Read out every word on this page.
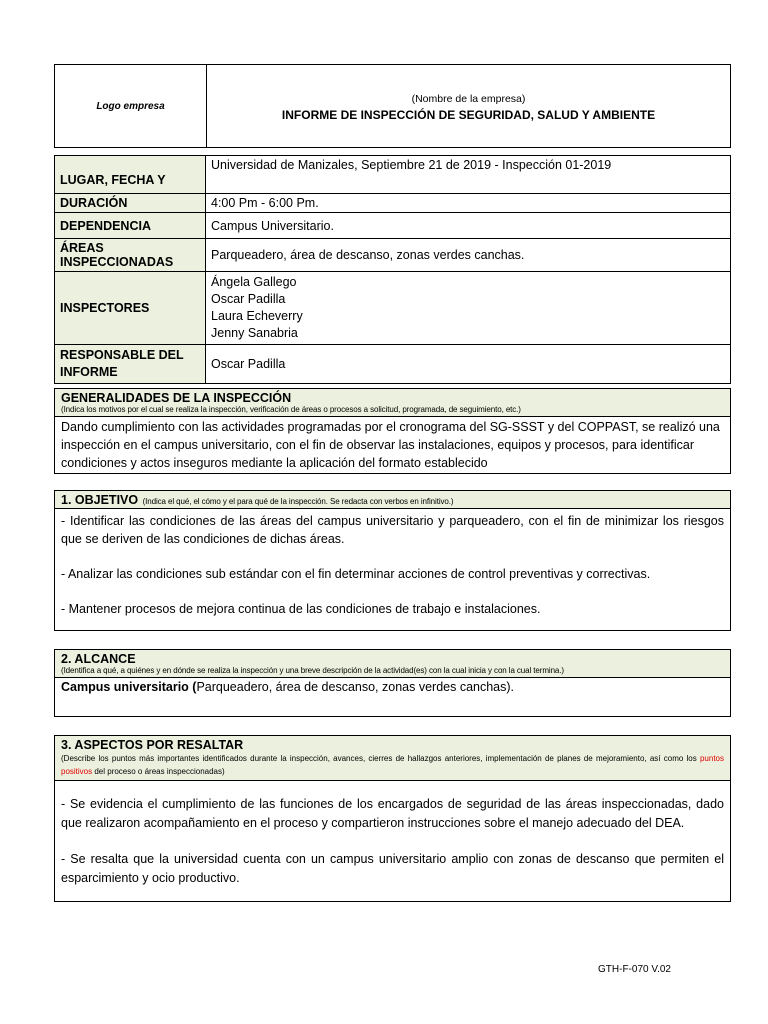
Logo empresa
(Nombre de la empresa)
INFORME DE INSPECCIÓN DE SEGURIDAD, SALUD Y AMBIENTE
LUGAR, FECHA Y	Universidad de Manizales, Septiembre 21 de 2019 - Inspección 01-2019
DURACIÓN	4:00 Pm - 6:00 Pm.
DEPENDENCIA	Campus Universitario.
ÁREAS INSPECCIONADAS	Parqueadero, área de descanso, zonas verdes canchas.
INSPECTORES	Ángela Gallego
Oscar Padilla
Laura Echeverry
Jenny Sanabria

RESPONSABLE DEL INFORME	Oscar Padilla
GENERALIDADES DE LA INSPECCIÓN
(Indica los motivos por el cual se realiza la inspección, verificación de áreas o procesos a solicitud, programada, de seguimiento, etc.)
Dando cumplimiento con las actividades programadas por el cronograma del SG-SSST y del COPPAST, se realizó una inspección en el campus universitario, con el fin de observar las instalaciones, equipos y procesos, para identificar condiciones y actos inseguros mediante la aplicación del formato establecido
1. OBJETIVO (Indica el qué, el cómo y el para qué de la inspección. Se redacta con verbos en infinitivo.)
- Identificar las condiciones de las áreas del campus universitario y parqueadero, con el fin de minimizar los riesgos que se deriven de las condiciones de dichas áreas.
- Analizar las condiciones sub estándar con el fin determinar acciones de control preventivas y correctivas.
- Mantener procesos de mejora continua de las condiciones de trabajo e instalaciones.
2. ALCANCE
(Identifica a qué, a quiénes y en dónde se realiza la inspección y una breve descripción de la actividad(es) con la cual inicia y con la cual termina.)
Campus universitario (Parqueadero, área de descanso, zonas verdes canchas).
3. ASPECTOS POR RESALTAR
(Describe los puntos más importantes identificados durante la inspección, avances, cierres de hallazgos anteriores, implementación de planes de mejoramiento, así como los puntos positivos del proceso o áreas inspeccionadas)
- Se evidencia el cumplimiento de las funciones de los encargados de seguridad de las áreas inspeccionadas, dado que realizaron acompañamiento en el proceso y compartieron instrucciones sobre el manejo adecuado del DEA.
- Se resalta que la universidad cuenta con un campus universitario amplio con zonas de descanso que permiten el esparcimiento y ocio productivo.
GTH-F-070 V.02
